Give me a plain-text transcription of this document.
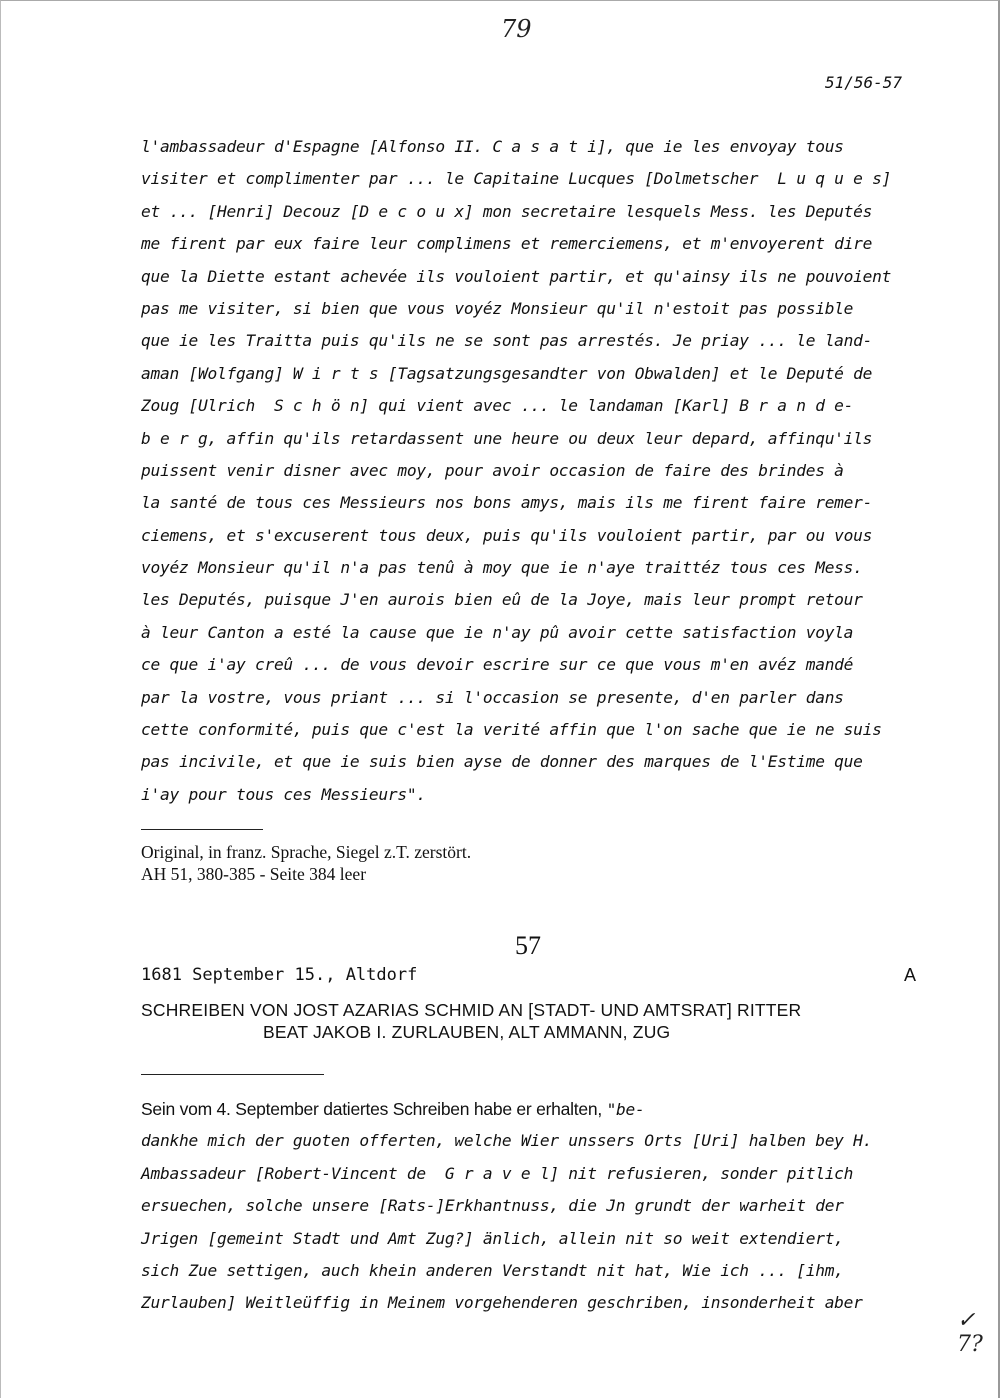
79
51/56-57
l'ambassadeur d'Espagne [Alfonso II. C a s a t i], que ie les envoyay tous
visiter et complimenter par ... le Capitaine Lucques [Dolmetscher  L u q u e s]
et ... [Henri] Decouz [D e c o u x] mon secretaire lesquels Mess. les Deputés
me firent par eux faire leur complimens et remerciemens, et m'envoyerent dire
que la Diette estant achevée ils vouloient partir, et qu'ainsy ils ne pouvoient
pas me visiter, si bien que vous voyéz Monsieur qu'il n'estoit pas possible
que ie les Traitta puis qu'ils ne se sont pas arrestés. Je priay ... le land-
aman [Wolfgang] W i r t s [Tagsatzungsgesandter von Obwalden] et le Deputé de
Zoug [Ulrich  S c h ö n] qui vient avec ... le landaman [Karl] B r a n d e-
b e r g, affin qu'ils retardassent une heure ou deux leur depard, affinqu'ils
puissent venir disner avec moy, pour avoir occasion de faire des brindes à
la santé de tous ces Messieurs nos bons amys, mais ils me firent faire remer-
ciemens, et s'excuserent tous deux, puis qu'ils vouloient partir, par ou vous
voyéz Monsieur qu'il n'a pas tenû à moy que ie n'aye traittéz tous ces Mess.
les Deputés, puisque J'en aurois bien eû de la Joye, mais leur prompt retour
à leur Canton a esté la cause que ie n'ay pû avoir cette satisfaction voyla
ce que i'ay creû ... de vous devoir escrire sur ce que vous m'en avéz mandé
par la vostre, vous priant ... si l'occasion se presente, d'en parler dans
cette conformité, puis que c'est la verité affin que l'on sache que ie ne suis
pas incivile, et que ie suis bien ayse de donner des marques de l'Estime que
i'ay pour tous ces Messieurs".
Original, in franz. Sprache, Siegel z.T. zerstört.
AH 51, 380-385 - Seite 384 leer
57
1681 September 15., Altdorf	A
SCHREIBEN VON JOST AZARIAS SCHMID AN [STADT- UND AMTSRAT] RITTER
BEAT JAKOB I. ZURLAUBEN, ALT AMMANN, ZUG
Sein vom 4. September datiertes Schreiben habe er erhalten, "be-
dankhe mich der guoten offerten, welche Wier unssers Orts [Uri] halben bey H.
Ambassadeur [Robert-Vincent de  G r a v e l] nit refusieren, sonder pitlich
ersuechen, solche unsere [Rats-]Erkhantnuss, die Jn grundt der warheit der
Jrigen [gemeint Stadt und Amt Zug?] änlich, allein nit so weit extendiert,
sich Zue settigen, auch khein anderen Verstandt nit hat, Wie ich ... [ihm,
Zurlauben] Weitleüffig in Meinem vorgehenderen geschriben, insonderheit aber
✓
7?
